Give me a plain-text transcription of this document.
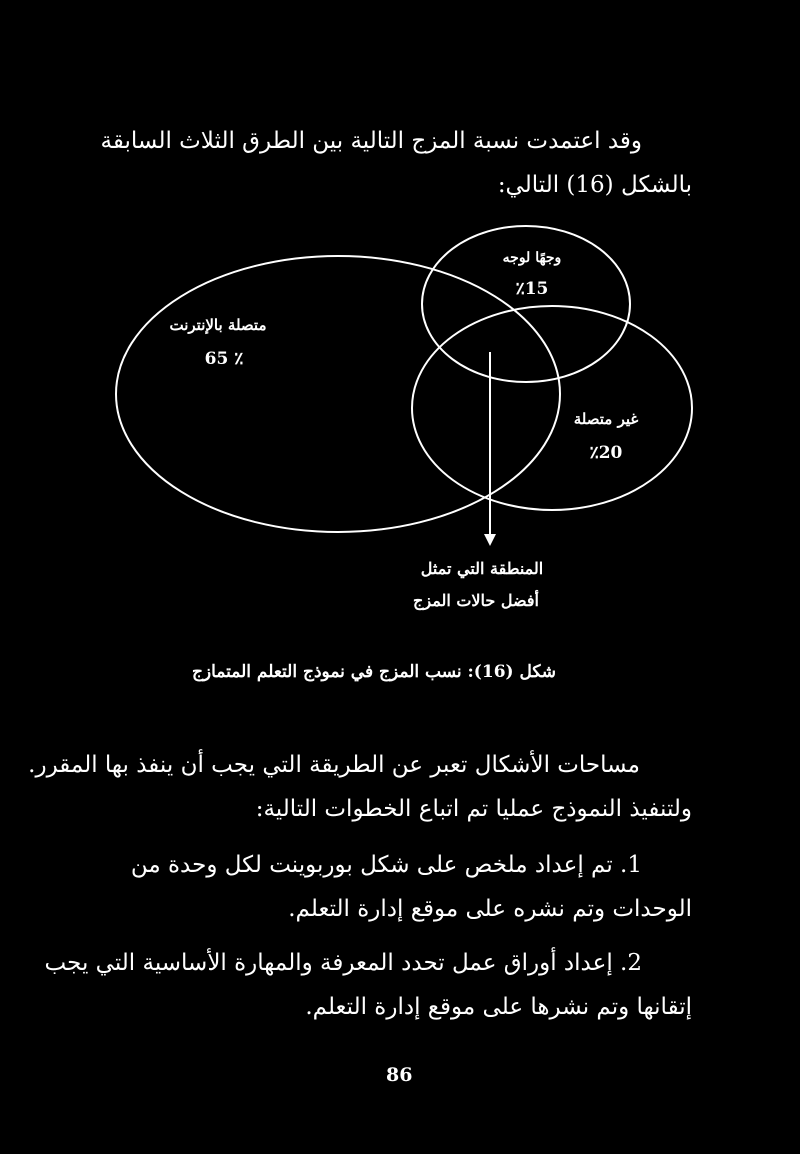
وقد اعتمدت نسبة المزج التالية بين الطرق الثلاث السابقة
بالشكل (16) التالي:
متصلة بالإنترنت
٪ 65
وجهًا لوجه
٪15
غير متصلة
٪20
المنطقة التي تمثل
أفضل حالات المزج
شكل (16): نسب المزج في نموذج التعلم المتمازج
مساحات الأشكال تعبر عن الطريقة التي يجب أن ينفذ بها المقرر.
ولتنفيذ النموذج عمليا تم اتباع الخطوات التالية:
1. تم إعداد ملخص على شكل بوربوينت لكل وحدة من
الوحدات وتم نشره على موقع إدارة التعلم.
2. إعداد أوراق عمل تحدد المعرفة والمهارة الأساسية التي يجب
إتقانها وتم نشرها على موقع إدارة التعلم.
86
